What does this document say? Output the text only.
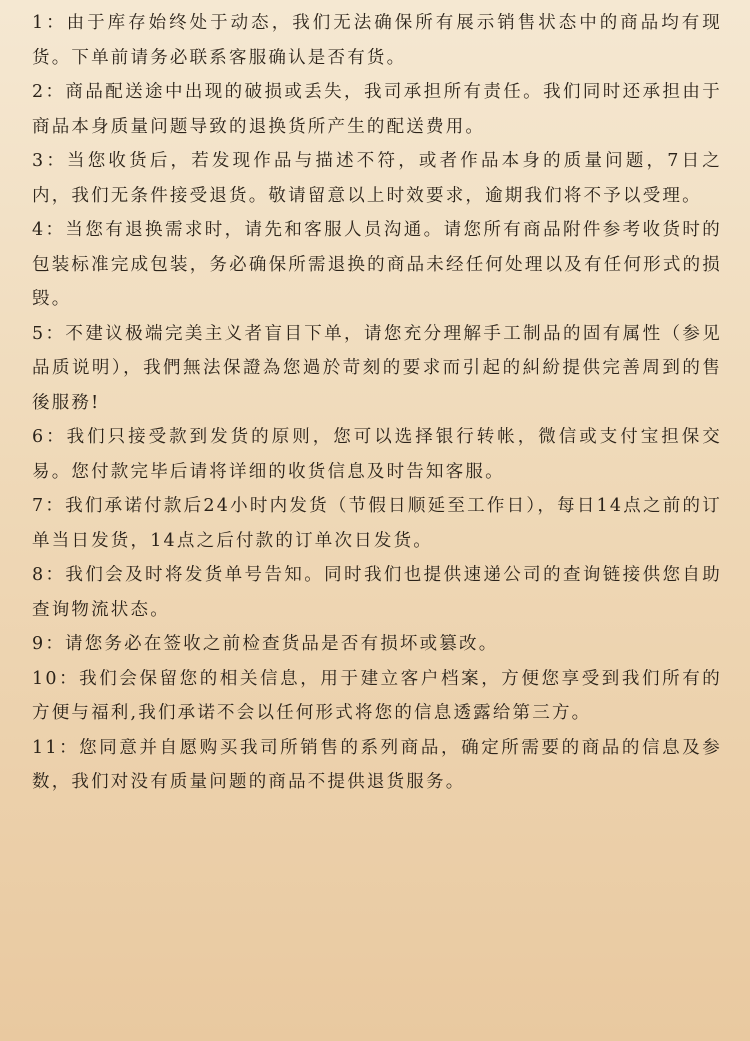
1：由于库存始终处于动态，我们无法确保所有展示销售状态中的商品均有现货。下单前请务必联系客服确认是否有货。

2：商品配送途中出现的破损或丢失，我司承担所有责任。我们同时还承担由于商品本身质量问题导致的退换货所产生的配送费用。

3：当您收货后，若发现作品与描述不符，或者作品本身的质量问题，7日之内，我们无条件接受退货。敬请留意以上时效要求，逾期我们将不予以受理。

4：当您有退换需求时，请先和客服人员沟通。请您所有商品附件参考收货时的包装标准完成包装，务必确保所需退换的商品未经任何处理以及有任何形式的损毁。

5：不建议极端完美主义者盲目下单，请您充分理解手工制品的固有属性（参见品质说明），我們無法保證為您過於苛刻的要求而引起的糾紛提供完善周到的售後服務!

6：我们只接受款到发货的原则，您可以选择银行转帐，微信或支付宝担保交易。您付款完毕后请将详细的收货信息及时告知客服。

7：我们承诺付款后24小时内发货（节假日顺延至工作日），每日14点之前的订单当日发货，14点之后付款的订单次日发货。

8：我们会及时将发货单号告知。同时我们也提供速递公司的查询链接供您自助查询物流状态。

9：请您务必在签收之前检查货品是否有损坏或篡改。

10：我们会保留您的相关信息，用于建立客户档案，方便您享受到我们所有的方便与福利,我们承诺不会以任何形式将您的信息透露给第三方。

11：您同意并自愿购买我司所销售的系列商品，确定所需要的商品的信息及参数，我们对没有质量问题的商品不提供退货服务。
